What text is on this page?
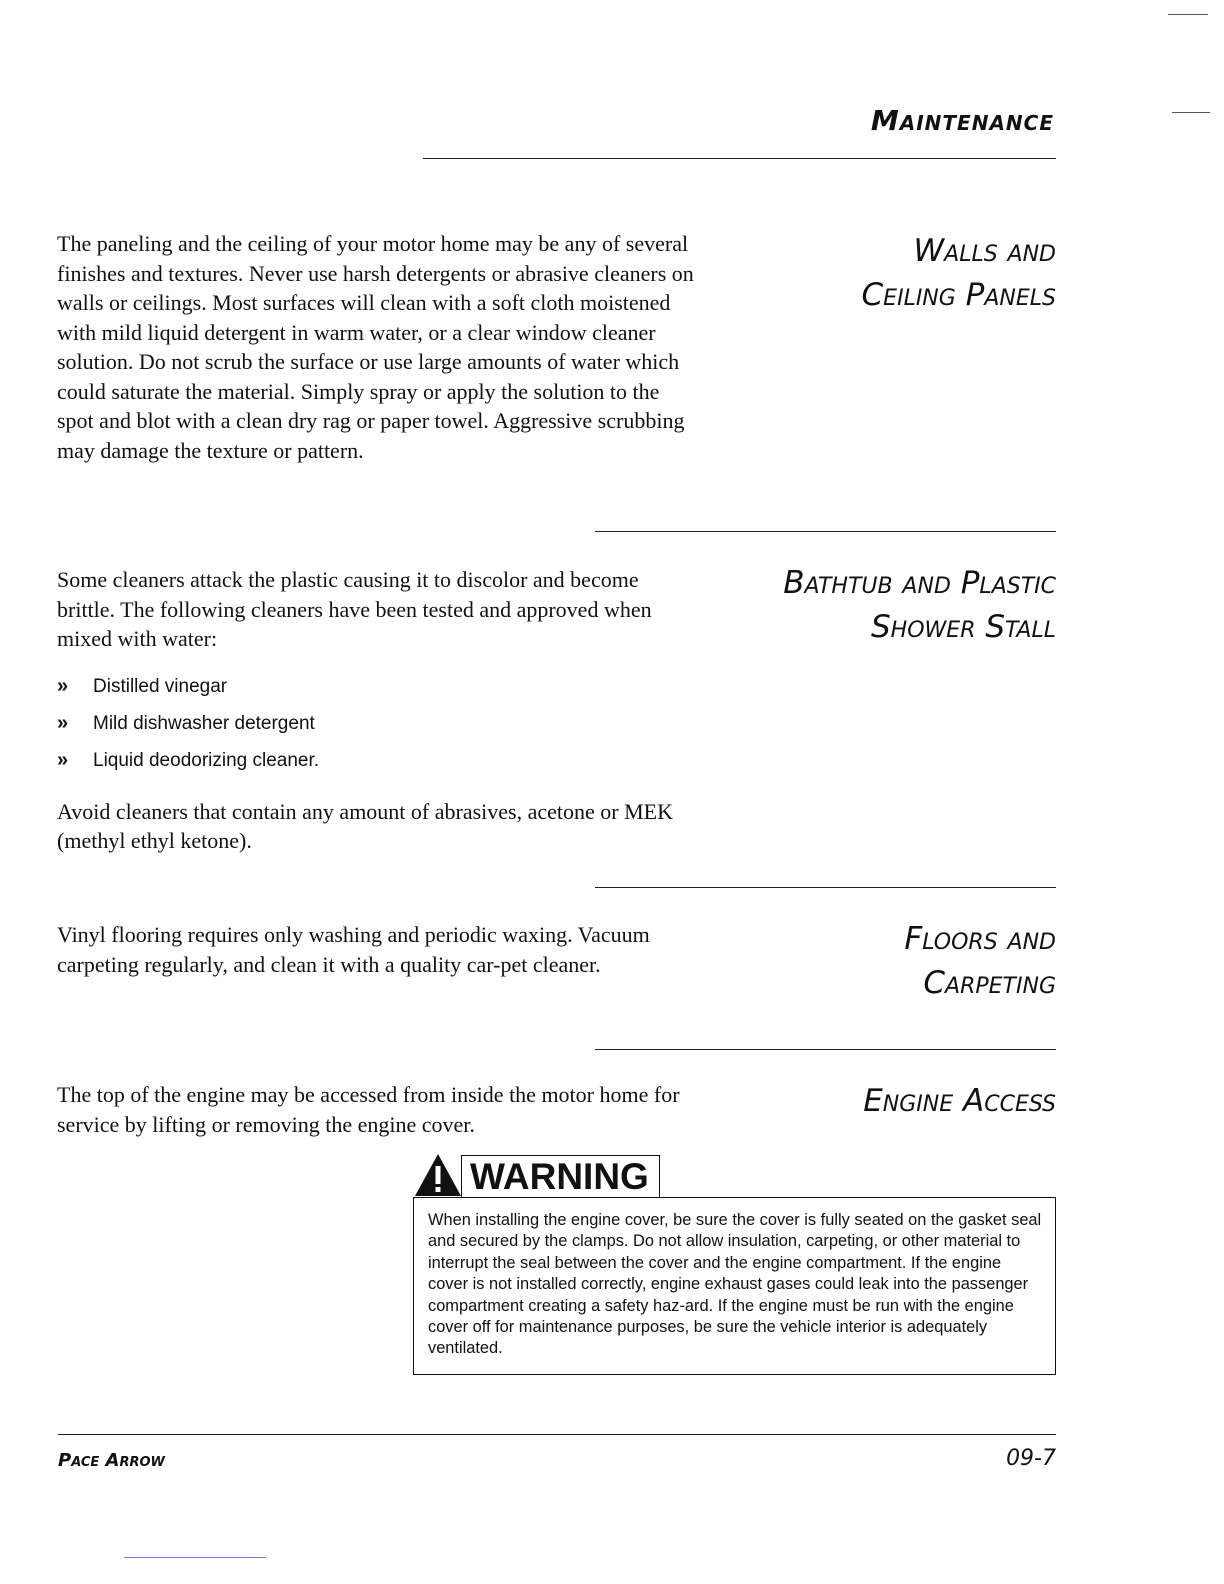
Maintenance
Walls and
Ceiling Panels

The paneling and the ceiling of your motor home may be any of several finishes and textures. Never use harsh detergents or abrasive cleaners on walls or ceilings. Most surfaces will clean with a soft cloth moistened with mild liquid detergent in warm water, or a clear window cleaner solution. Do not scrub the surface or use large amounts of water which could saturate the material. Simply spray or apply the solution to the spot and blot with a clean dry rag or paper towel. Aggressive scrubbing may damage the texture or pattern.

Bathtub and Plastic
Shower Stall

Some cleaners attack the plastic causing it to discolor and become brittle. The following cleaners have been tested and approved when mixed with water:

»	Distilled vinegar
»	Mild dishwasher detergent
»	Liquid deodorizing cleaner.

Avoid cleaners that contain any amount of abrasives, acetone or MEK (methyl ethyl ketone).

Floors and
Carpeting

Vinyl flooring requires only washing and periodic waxing. Vacuum carpeting regularly, and clean it with a quality car-pet cleaner.

Engine Access

The top of the engine may be accessed from inside the motor home for service by lifting or removing the engine cover.

WARNING
When installing the engine cover, be sure the cover is fully seated on the gasket seal and secured by the clamps. Do not allow insulation, carpeting, or other material to interrupt the seal between the cover and the engine compartment. If the engine cover is not installed correctly, engine exhaust gases could leak into the passenger compartment creating a safety haz-ard. If the engine must be run with the engine cover off for maintenance purposes, be sure the vehicle interior is adequately ventilated.
Pace Arrow	09-7
